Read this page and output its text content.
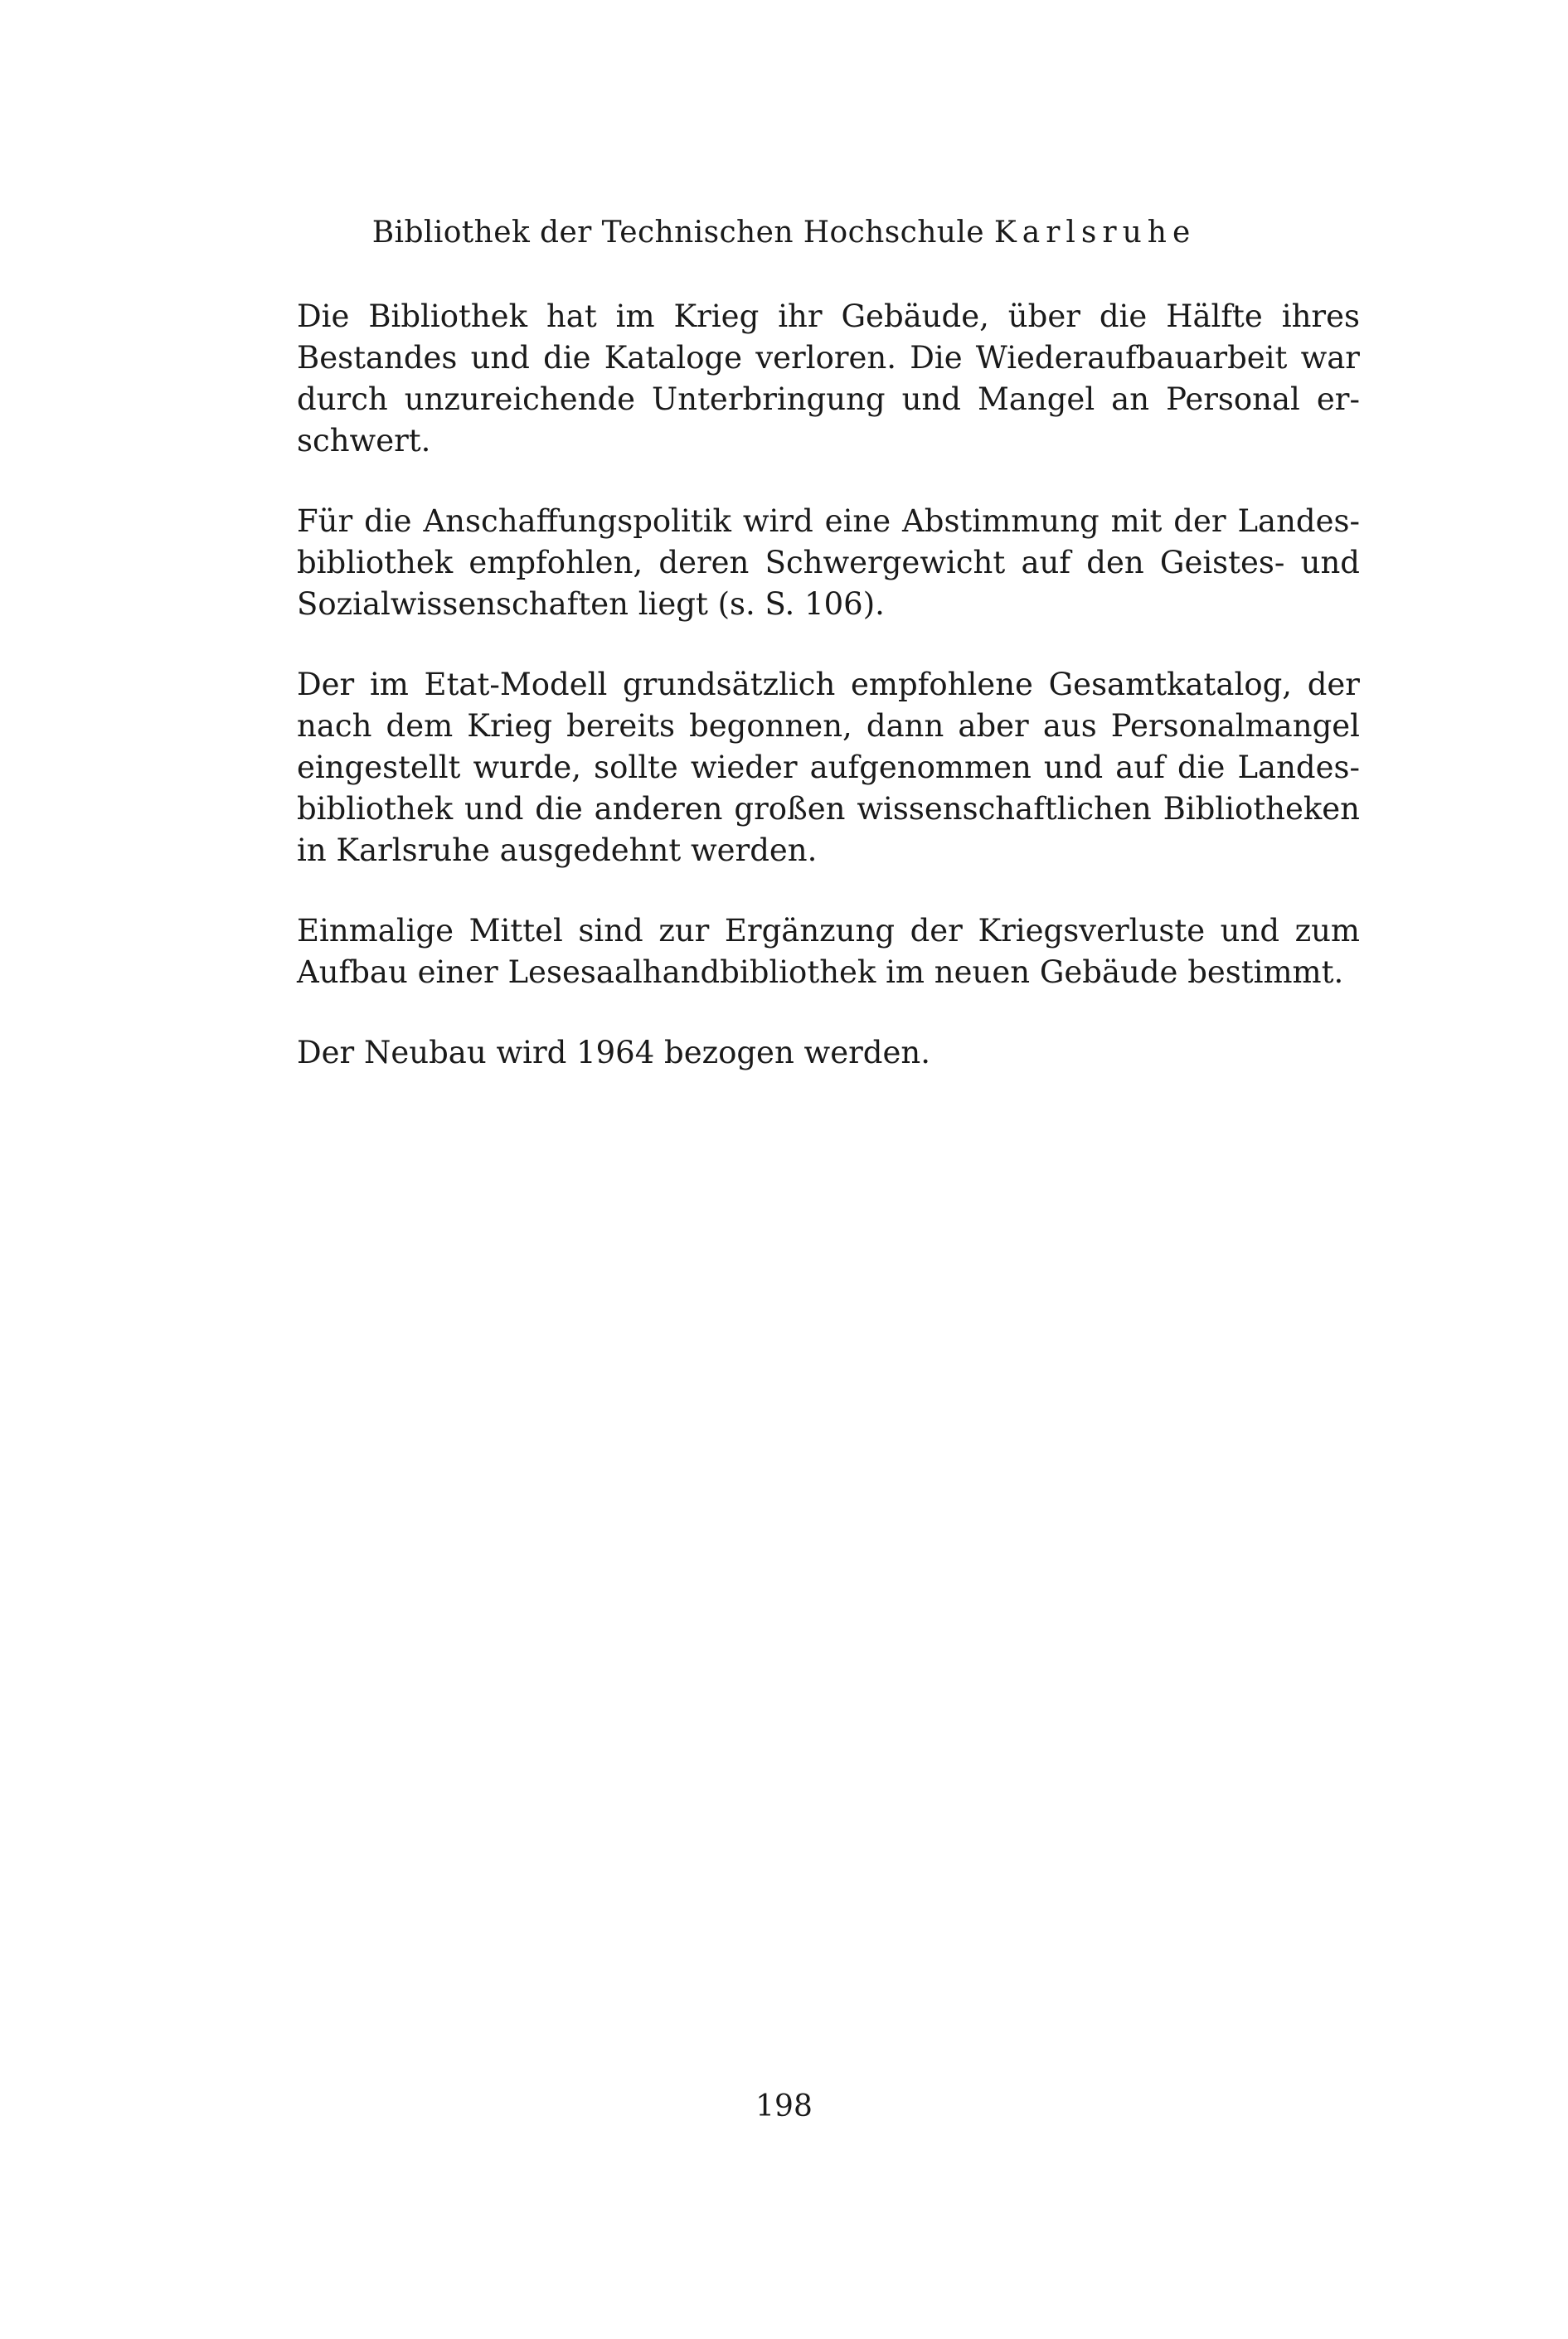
Bibliothek der Technischen Hochschule Karlsruhe

Die Bibliothek hat im Krieg ihr Gebäude, über die Hälfte ihres
Bestandes und die Kataloge verloren. Die Wiederaufbauarbeit war
durch unzureichende Unterbringung und Mangel an Personal er-
schwert.

Für die Anschaffungspolitik wird eine Abstimmung mit der Landes-
bibliothek empfohlen, deren Schwergewicht auf den Geistes- und
Sozialwissenschaften liegt (s. S. 106).

Der im Etat-Modell grundsätzlich empfohlene Gesamtkatalog, der
nach dem Krieg bereits begonnen, dann aber aus Personalmangel
eingestellt wurde, sollte wieder aufgenommen und auf die Landes-
bibliothek und die anderen großen wissenschaftlichen Bibliotheken
in Karlsruhe ausgedehnt werden.

Einmalige Mittel sind zur Ergänzung der Kriegsverluste und zum
Aufbau einer Lesesaalhandbibliothek im neuen Gebäude bestimmt.

Der Neubau wird 1964 bezogen werden.

198
